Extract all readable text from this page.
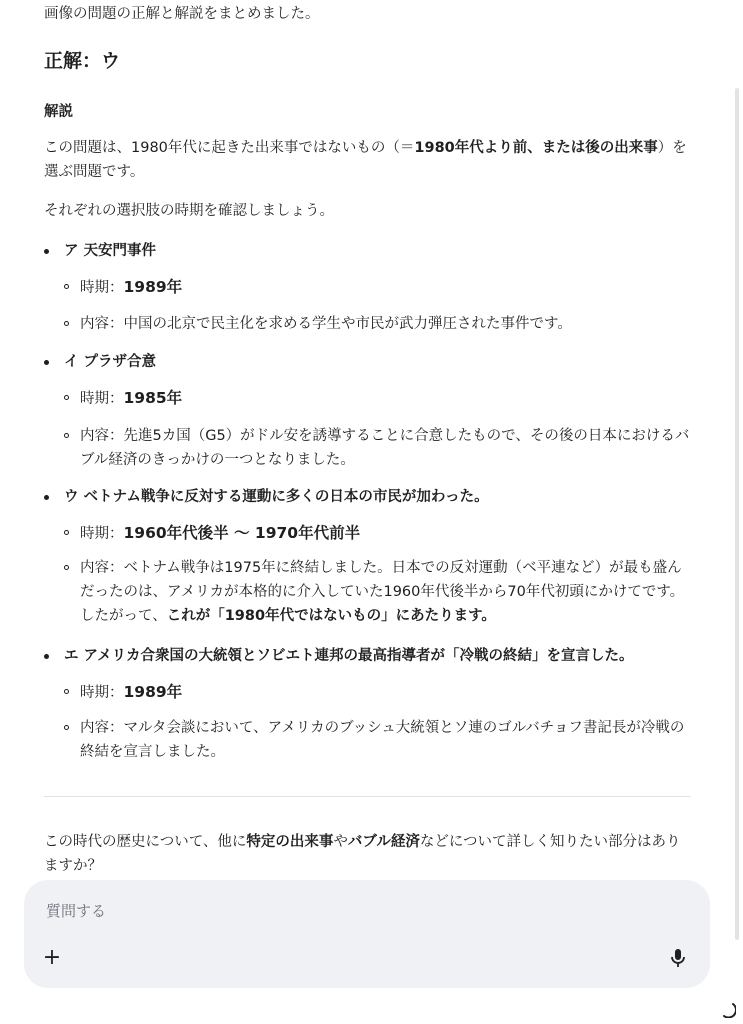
画像の問題の正解と解説をまとめました。

正解：ウ
解説

この問題は、1980年代に起きた出来事ではないもの（＝1980年代より前、または後の出来事）を選ぶ問題です。

それぞれの選択肢の時期を確認しましょう。

ア 天安門事件
時期：1989年
内容：中国の北京で民主化を求める学生や市民が武力弾圧された事件です。
イ プラザ合意
時期：1985年
内容：先進5カ国（G5）がドル安を誘導することに合意したもので、その後の日本におけるバブル経済のきっかけの一つとなりました。
ウ ベトナム戦争に反対する運動に多くの日本の市民が加わった。
時期：1960年代後半 〜 1970年代前半
内容：ベトナム戦争は1975年に終結しました。日本での反対運動（ベ平連など）が最も盛んだったのは、アメリカが本格的に介入していた1960年代後半から70年代初頭にかけてです。したがって、これが「1980年代ではないもの」にあたります。
エ アメリカ合衆国の大統領とソビエト連邦の最高指導者が「冷戦の終結」を宣言した。
時期：1989年
内容：マルタ会談において、アメリカのブッシュ大統領とソ連のゴルバチョフ書記長が冷戦の終結を宣言しました。

この時代の歴史について、他に特定の出来事やバブル経済などについて詳しく知りたい部分はありますか？

質問する
+
